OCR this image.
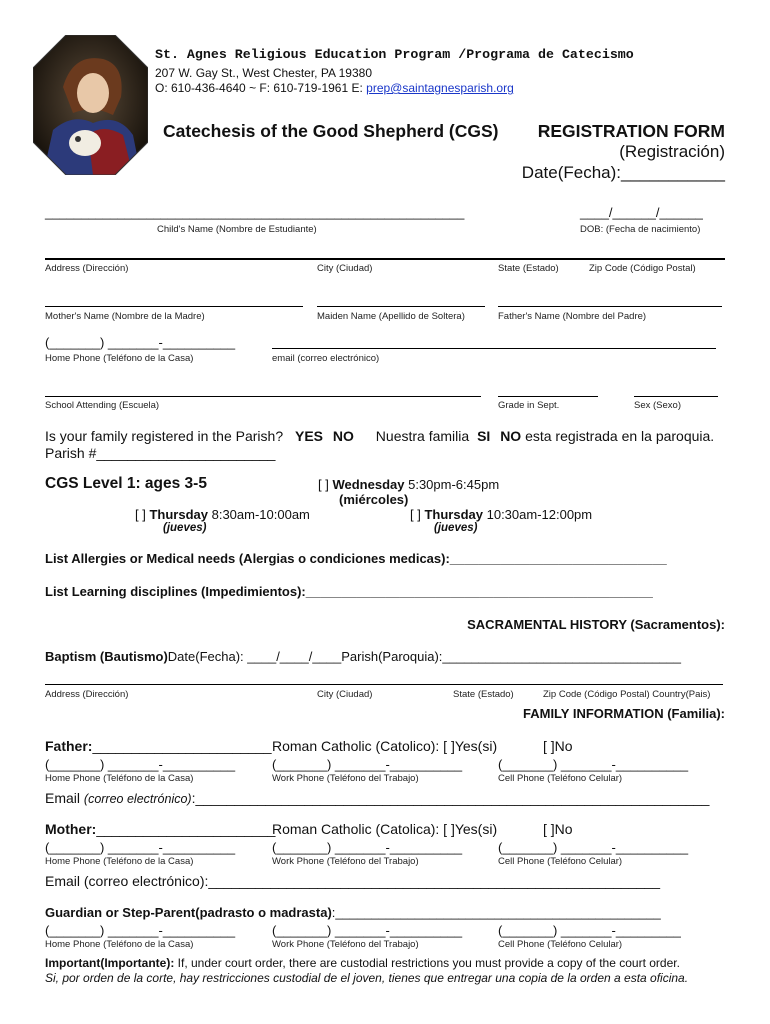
St. Agnes Religious Education Program /Programa de Catecismo
207 W. Gay St., West Chester, PA 19380
O: 610-436-4640 ~ F: 610-719-1961 E: prep@saintagnesparish.org
Catechesis of the Good Shepherd (CGS) REGISTRATION FORM
(Registración)
Date(Fecha):___________
__________________________________________________________	____/______/______
Child's Name (Nombre de Estudiante)	DOB: (Fecha de nacimiento)
Address (Dirección)	City (Ciudad)	State (Estado)	Zip Code (Código Postal)
Mother's Name (Nombre de la Madre)	Maiden Name (Apellido de Soltera)	Father's Name (Nombre del Padre)
(_______) _______-__________
Home Phone (Teléfono de la Casa)	email (correo electrónico)
School Attending (Escuela)	Grade in Sept.	Sex (Sexo)
Is your family registered in the Parish? YES NO Nuestra familia SI NO esta registrada en la paroquia.
Parish #_______________________
CGS Level 1: ages 3-5	[ ] Wednesday 5:30pm-6:45pm
(miércoles)
[ ] Thursday 8:30am-10:00am
(jueves)
[ ] Thursday 10:30am-12:00pm
(jueves)
List Allergies or Medical needs (Alergias o condiciones medicas):______________________________
List Learning disciplines (Impedimientos):________________________________________________
SACRAMENTAL HISTORY (Sacramentos):
Baptism (Bautismo)Date(Fecha): ____/____/____Parish(Paroquia):_________________________________
Address (Dirección)	City (Ciudad)	State (Estado)	Zip Code (Código Postal) Country(Pais)
FAMILY INFORMATION (Familia):
Father:_______________________ Roman Catholic (Catolico): [ ]Yes(si)	[ ]No
(_______) _______-__________	(_______) _______-__________	(_______) _______-__________
Home Phone (Teléfono de la Casa)	Work Phone (Teléfono del Trabajo)	Cell Phone (Teléfono Celular)
Email (correo electrónico):__________________________________________________________________
Mother:_______________________
Roman Catholic (Catolica): [ ]Yes(si)	[ ]No
(_______) _______-__________	(_______) _______-__________	(_______) _______-__________
Home Phone (Teléfono de la Casa)	Work Phone (Teléfono del Trabajo)	Cell Phone (Teléfono Celular)
Email (correo electrónico):__________________________________________________________
Guardian or Step-Parent(padrasto o madrasta):_____________________________________________
(_______) _______-__________	(_______) _______-__________	(_______) _______-_________
Home Phone (Teléfono de la Casa)	Work Phone (Teléfono del Trabajo)	Cell Phone (Teléfono Celular)
Important(Importante): If, under court order, there are custodial restrictions you must provide a copy of the court order.
Si, por orden de la corte, hay restricciones custodial de el joven, tienes que entregar una copia de la orden a esta oficina.
